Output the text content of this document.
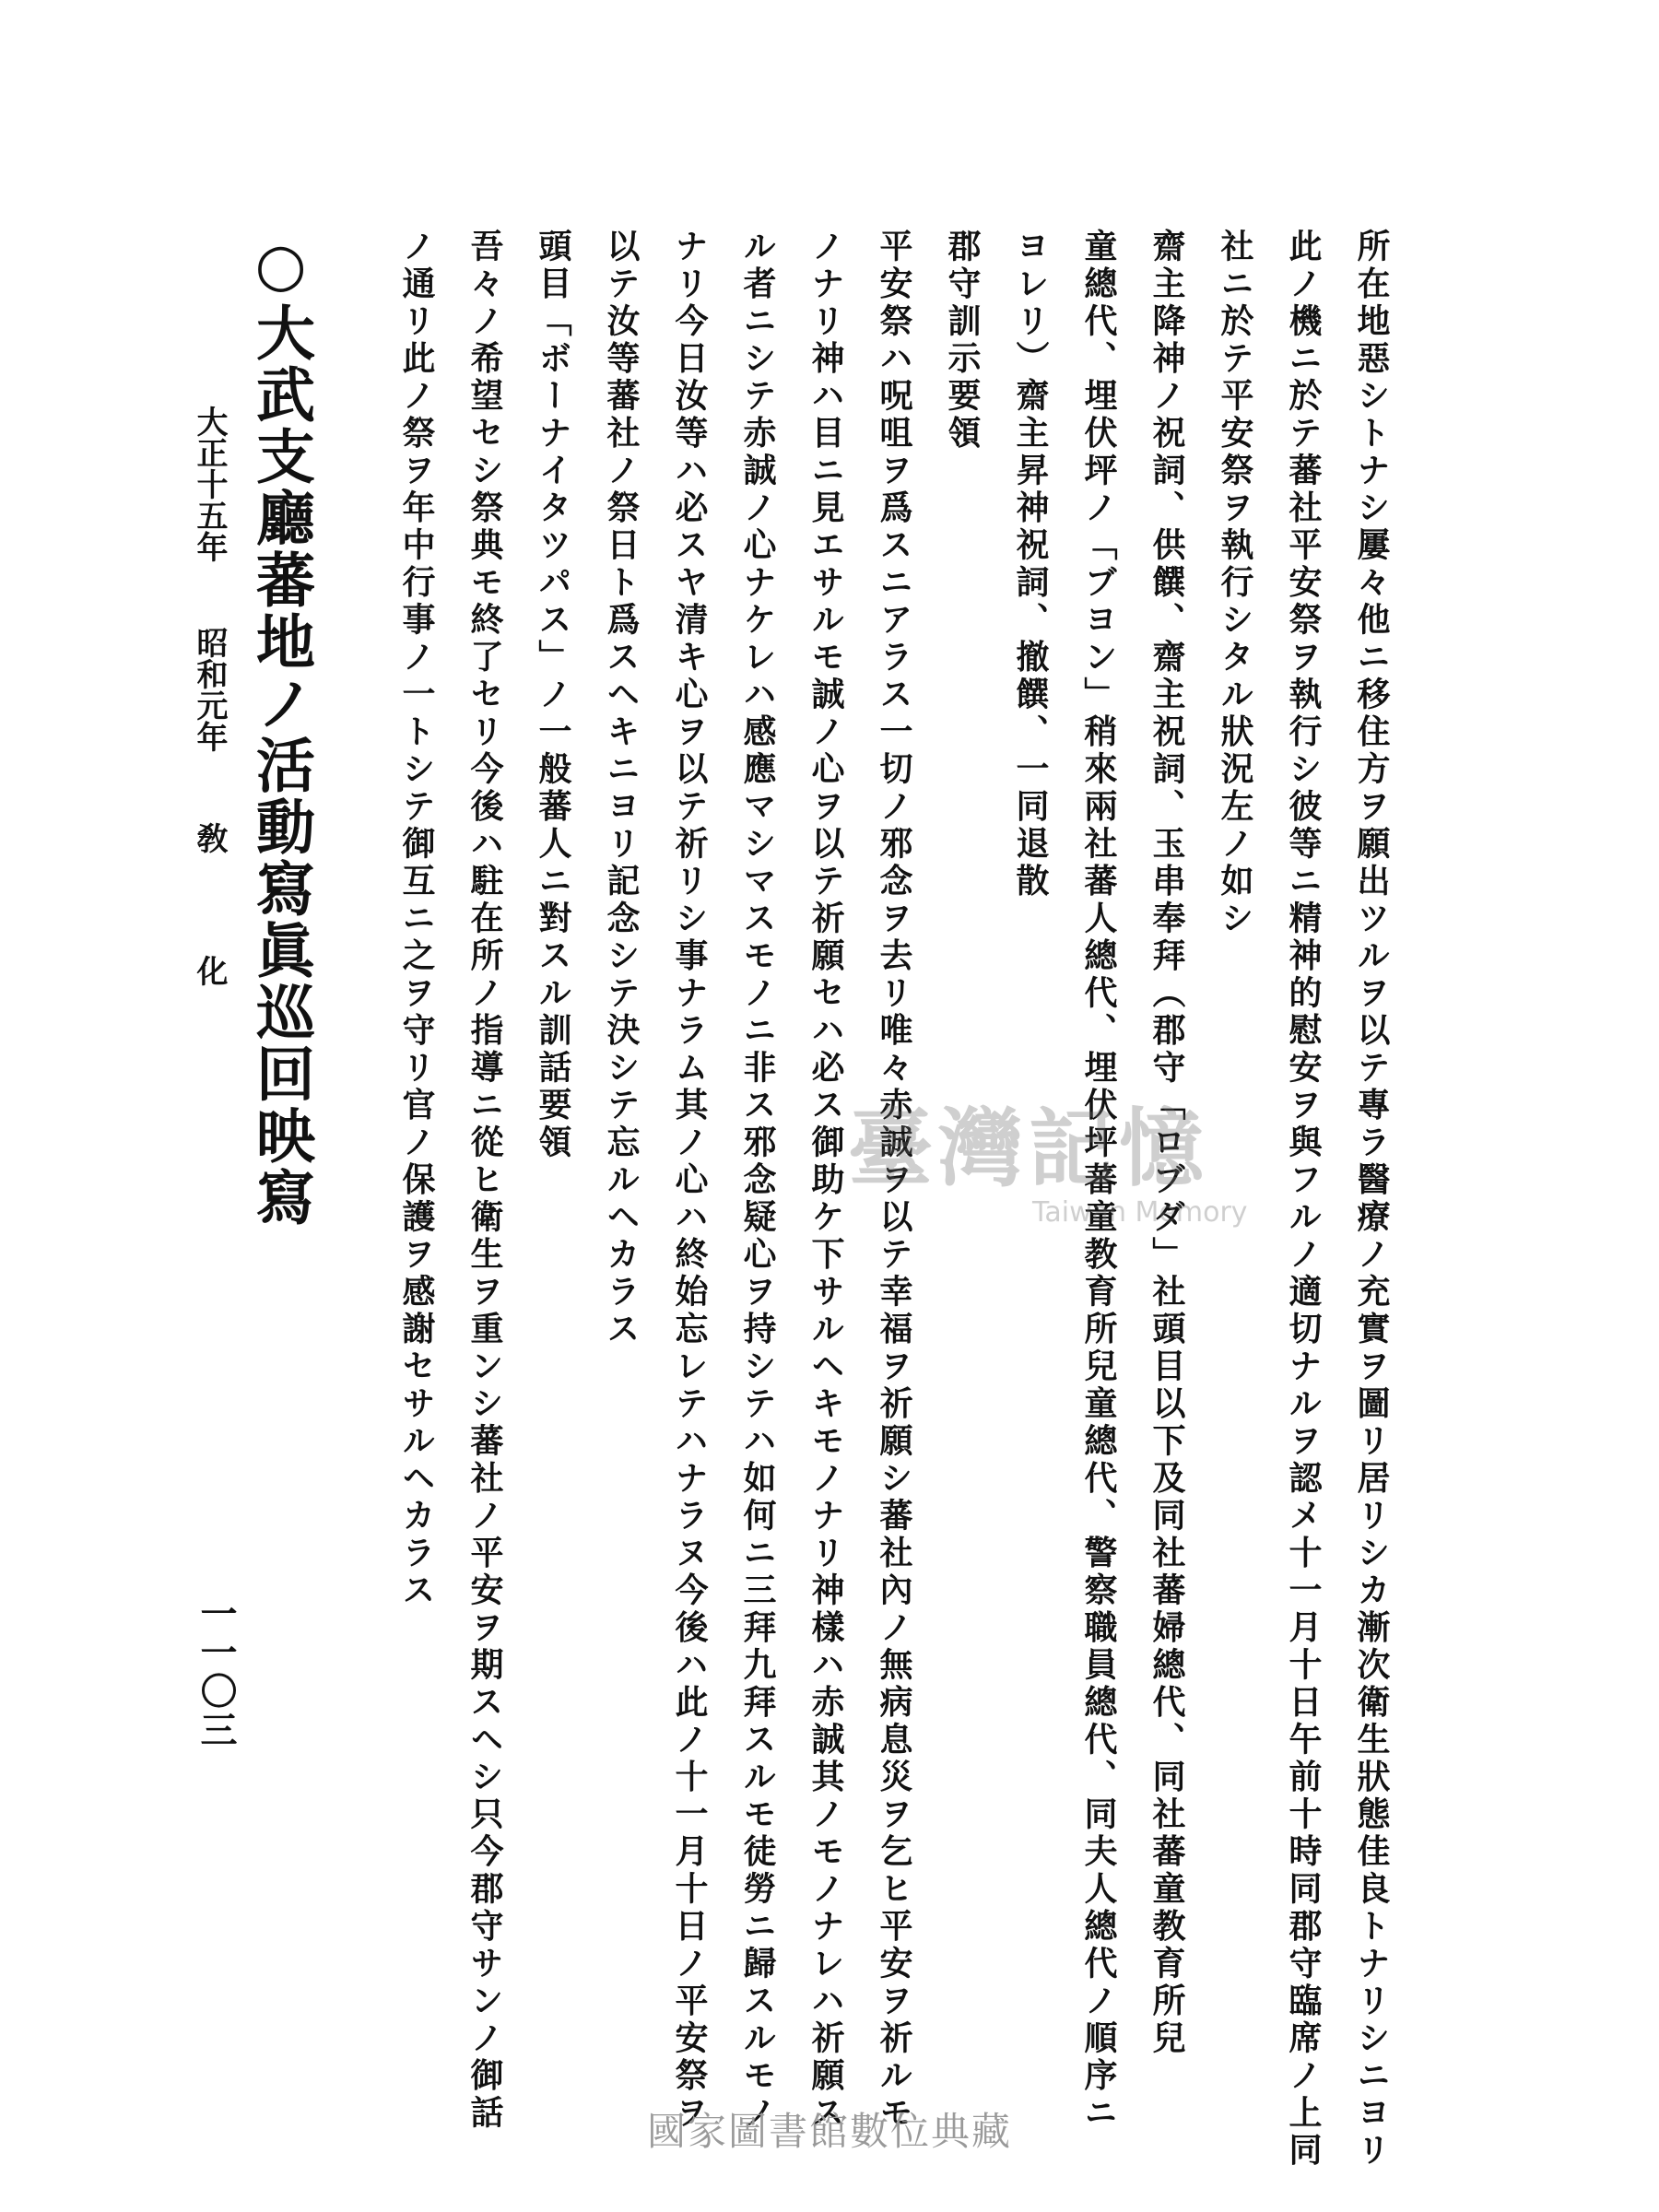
所在地惡シトナシ屢々他ニ移住方ヲ願出ツルヲ以テ專ラ醫療ノ充實ヲ圖リ居リシカ漸次衛生狀態佳良トナリシニヨリ
此ノ機ニ於テ蕃社平安祭ヲ執行シ彼等ニ精神的慰安ヲ與フルノ適切ナルヲ認メ十一月十日午前十時同郡守臨席ノ上同
社ニ於テ平安祭ヲ執行シタル狀況左ノ如シ
齋主降神ノ祝詞、供饌、齋主祝詞、玉串奉拜（郡守「ロブダ」社頭目以下及同社蕃婦總代、同社蕃童教育所兒
童總代、埋伏坪ノ「ブヨン」稍來兩社蕃人總代、埋伏坪蕃童教育所兒童總代、警察職員總代、同夫人總代ノ順序ニ
ヨレリ）齋主昇神祝詞、撤饌、一同退散
郡守訓示要領
平安祭ハ呪咀ヲ爲スニアラス一切ノ邪念ヲ去リ唯々赤誠ヲ以テ幸福ヲ祈願シ蕃社內ノ無病息災ヲ乞ヒ平安ヲ祈ルモ
ノナリ神ハ目ニ見エサルモ誠ノ心ヲ以テ祈願セハ必ス御助ケ下サルヘキモノナリ神樣ハ赤誠其ノモノナレハ祈願ス
ル者ニシテ赤誠ノ心ナケレハ感應マシマスモノニ非ス邪念疑心ヲ持シテハ如何ニ三拜九拜スルモ徒勞ニ歸スルモノ
ナリ今日汝等ハ必スヤ清キ心ヲ以テ祈リシ事ナラム其ノ心ハ終始忘レテハナラヌ今後ハ此ノ十一月十日ノ平安祭ヲ
以テ汝等蕃社ノ祭日ト爲スヘキニヨリ記念シテ決シテ忘ルヘカラス
頭目「ボーナイタツパス」ノ一般蕃人ニ對スル訓話要領
吾々ノ希望セシ祭典モ終了セリ今後ハ駐在所ノ指導ニ從ヒ衛生ヲ重ンシ蕃社ノ平安ヲ期スヘシ只今郡守サンノ御話
ノ通リ此ノ祭ヲ年中行事ノ一トシテ御互ニ之ヲ守リ官ノ保護ヲ感謝セサルヘカラス
○大武支廳蕃地ノ活動寫眞巡回映寫
大正十五年 昭和元年 敎 化
一一〇三
臺灣記憶
Taiwan Memory
國家圖書館數位典藏
